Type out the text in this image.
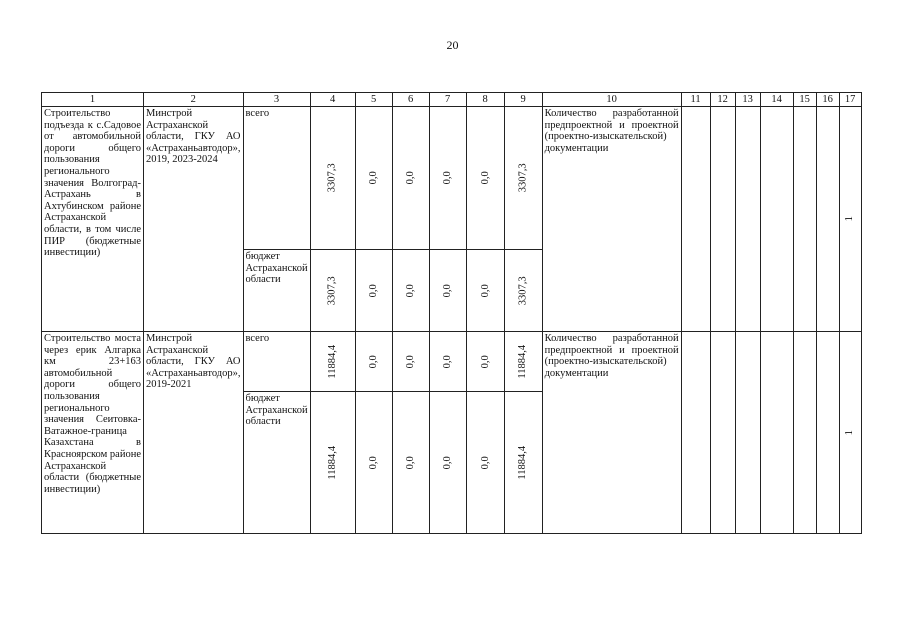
20
1	2	3	4	5	6	7	8	9	10	11	12	13	14	15	16	17
Строительство подъезда к с.Садовое от автомобильной дороги общего пользования регионального значения Волгоград-Астрахань в Ахтубинском районе Астраханской области, в том числе ПИР (бюджетные инвестиции)	Минстрой Астраханской области, ГКУ АО «Астраханьавтодор», 2019, 2023-2024	всего	3307,3	0,0	0,0	0,0	0,0	3307,3	Количество разработанной предпроектной и проектной (проектно-изыскательской) документации							1

		бюджет Астраханской области	3307,3	0,0	0,0	0,0	0,0	3307,3								

Строительство моста через ерик Алгарка км 23+163 автомобильной дороги общего пользования регионального значения Сеитовка-Ватажное-граница Казахстана в Красноярском районе Астраханской области (бюджетные инвестиции)	Минстрой Астраханской области, ГКУ АО «Астраханьавтодор», 2019-2021	всего	11884,4	0,0	0,0	0,0	0,0	11884,4	Количество разработанной предпроектной и проектной (проектно-изыскательской) документации							1

		бюджет Астраханской области	11884,4	0,0	0,0	0,0	0,0	11884,4								
